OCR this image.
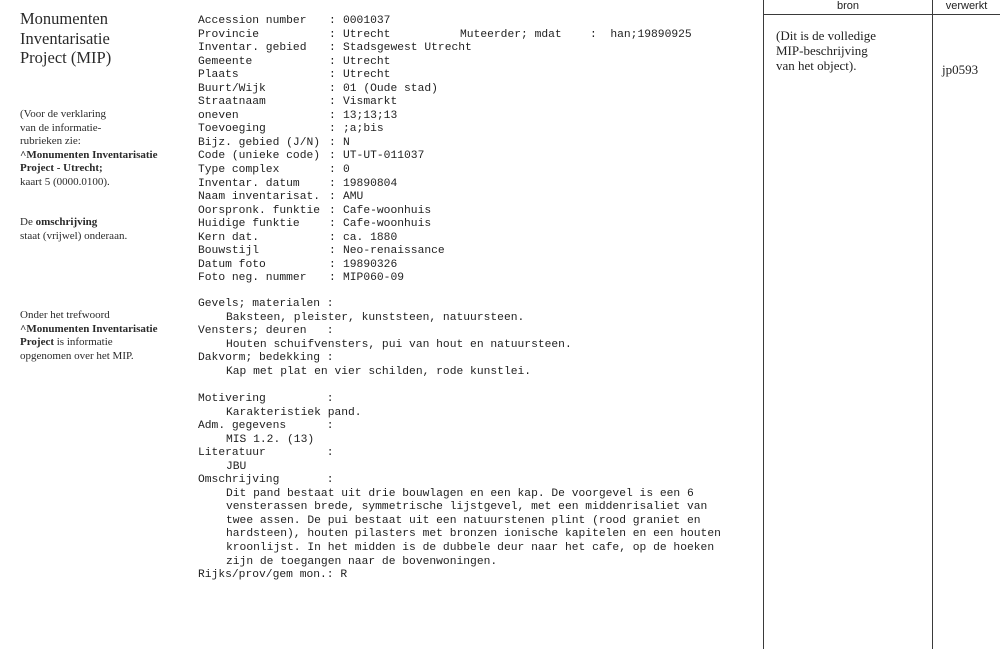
Monumenten
Inventarisatie
Project (MIP)
(Voor de verklaring
van de informatie-
rubrieken zie:
^Monumenten Inventarisatie
Project - Utrecht;
kaart 5 (0000.0100).
De omschrijving
staat (vrijwel) onderaan.
Onder het trefwoord
^Monumenten Inventarisatie
Project is informatie
opgenomen over het MIP.
Accession number : 0001037
Provincie	: Utrecht
Inventar. gebied : Stadsgewest Utrecht
Gemeente	: Utrecht
Plaats	: Utrecht
Buurt/Wijk	: 01 (Oude stad)
Straatnaam	: Vismarkt
oneven	: 13;13;13
Toevoeging	: ;a;bis
Bijz. gebied (J/N) : N
Code (unieke code) : UT-UT-011037
Type complex	: 0
Inventar. datum	: 19890804
Naam inventarisat. : AMU
Oorspronk. funktie : Cafe-woonhuis
Huidige funktie	: Cafe-woonhuis
Kern dat.	: ca. 1880
Bouwstijl	: Neo-renaissance
Datum foto	: 19890326
Foto neg. nummer : MIP060-09

Muteerder; mdat	: han;19890925

Gevels; materialen :
Baksteen, pleister, kunststeen, natuursteen.
Vensters; deuren   :
Houten schuifvensters, pui van hout en natuursteen.
Dakvorm; bedekking :
Kap met plat en vier schilden, rode kunstlei.
Motivering         :
Karakteristiek pand.
Adm. gegevens      :
MIS 1.2. (13)
Literatuur         :
JBU
Omschrijving       :
Dit pand bestaat uit drie bouwlagen en een kap. De voorgevel is een 6
vensterassen brede, symmetrische lijstgevel, met een middenrisaliet van
twee assen. De pui bestaat uit een natuurstenen plint (rood graniet en
hardsteen), houten pilasters met bronzen ionische kapitelen en een houten
kroonlijst. In het midden is de dubbele deur naar het cafe, op de hoeken
zijn de toegangen naar de bovenwoningen.
Rijks/prov/gem mon.: R
bron	verwerkt
(Dit is de volledige
MIP-beschrijving
van het object).	jp0593
